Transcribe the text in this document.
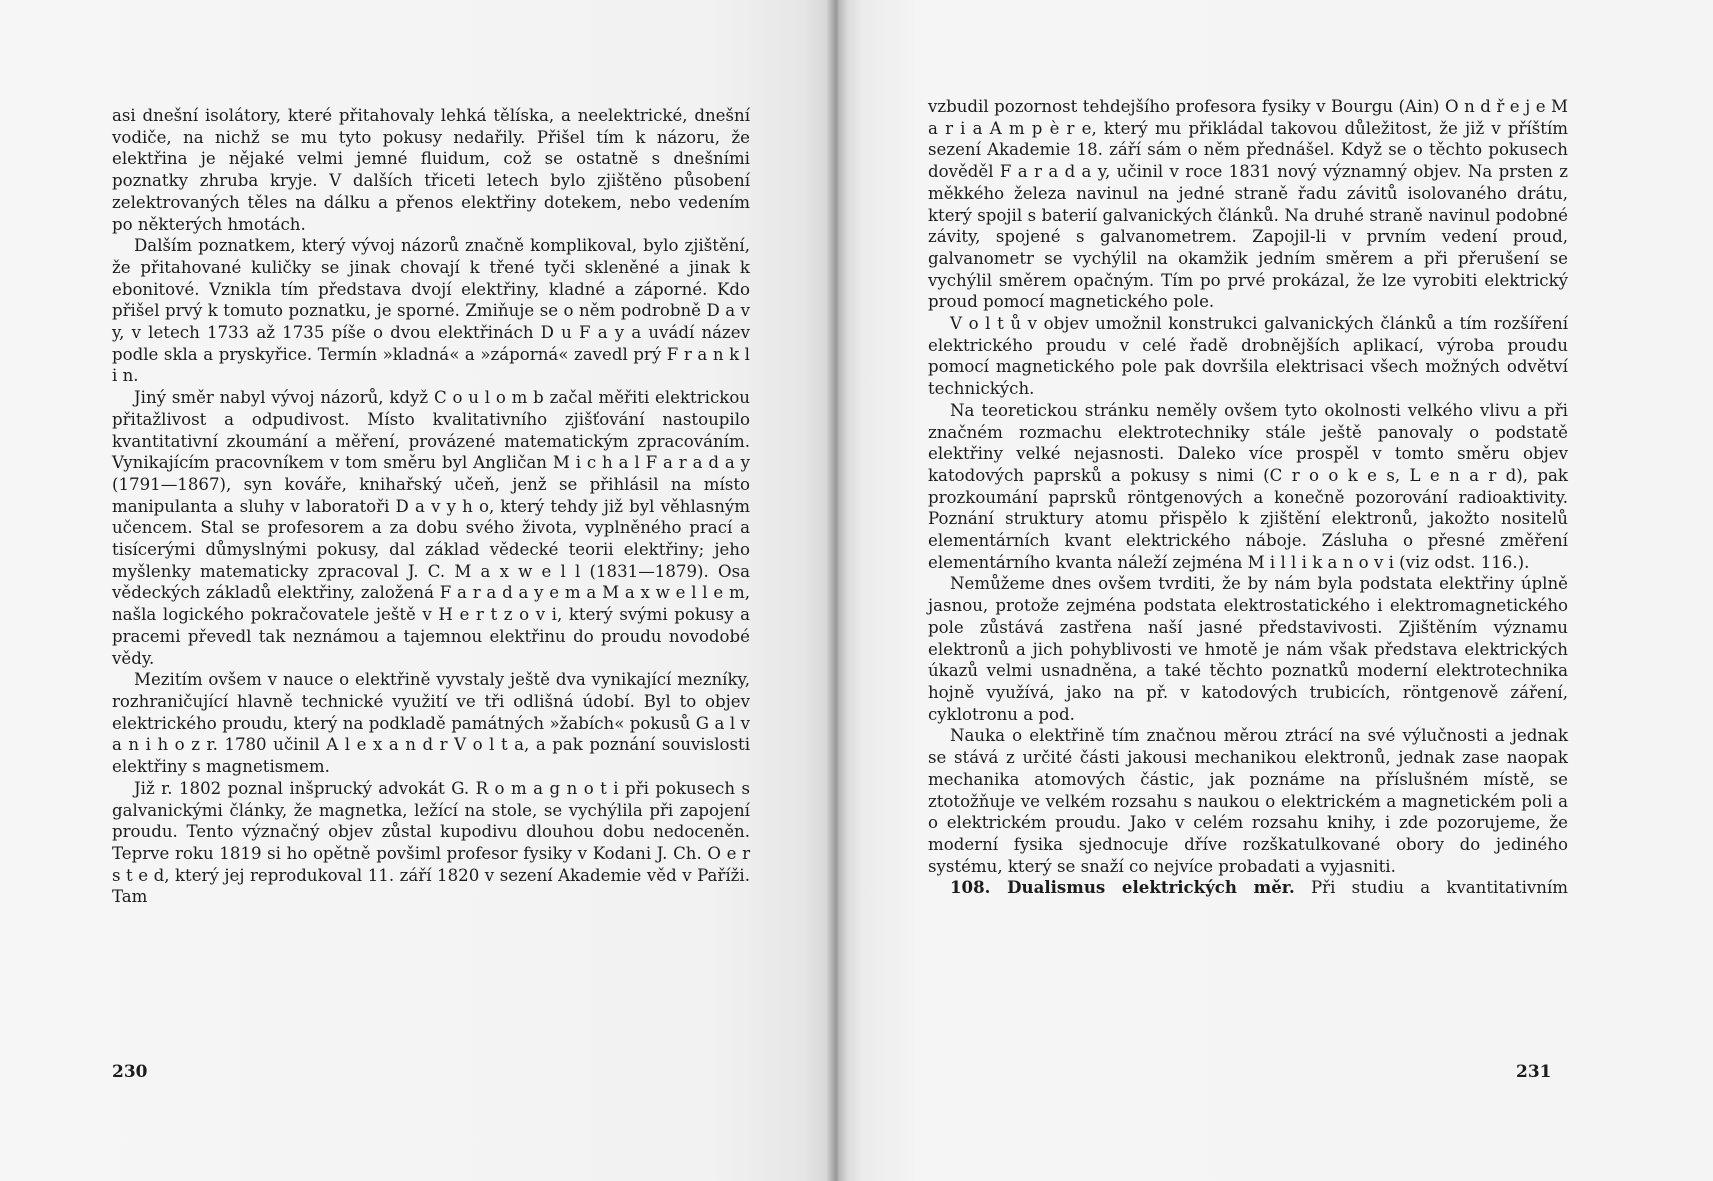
asi dnešní isolátory, které přitahovaly lehká tělíska, a neelektrické, dnešní vodiče, na nichž se mu tyto pokusy nedařily. Přišel tím k názoru, že elektřina je nějaké velmi jemné fluidum, což se ostatně s dnešními poznatky zhruba kryje. V dalších třiceti letech bylo zjištěno působení zelektrovaných těles na dálku a přenos elektřiny dotekem, nebo vedením po některých hmotách.

Dalším poznatkem, který vývoj názorů značně komplikoval, bylo zjištění, že přitahované kuličky se jinak chovají k třené tyči skleněné a jinak k ebonitové. Vznikla tím představa dvojí elektřiny, kladné a záporné. Kdo přišel prvý k tomuto poznatku, je sporné. Zmiňuje se o něm podrobně D a v y, v letech 1733 až 1735 píše o dvou elektřinách D u F a y a uvádí název podle skla a pryskyřice. Termín »kladná« a »záporná« zavedl prý F r a n k l i n.

Jiný směr nabyl vývoj názorů, když C o u l o m b začal měřiti elektrickou přitažlivost a odpudivost. Místo kvalitativního zjišťování nastoupilo kvantitativní zkoumání a měření, provázené matematickým zpracováním. Vynikajícím pracovníkem v tom směru byl Angličan M i c h a l F a r a d a y (1791—1867), syn kováře, knihařský učeň, jenž se přihlásil na místo manipulanta a sluhy v laboratoři D a v y h o, který tehdy již byl věhlasným učencem. Stal se profesorem a za dobu svého života, vyplněného prací a tisícerými důmyslnými pokusy, dal základ vědecké teorii elektřiny; jeho myšlenky matematicky zpracoval J. C. M a x w e l l (1831—1879). Osa vědeckých základů elektřiny, založená F a r a d a y e m a M a x w e l l e m, našla logického pokračovatele ještě v H e r t z o v i, který svými pokusy a pracemi převedl tak neznámou a tajemnou elektřinu do proudu novodobé vědy.

Mezitím ovšem v nauce o elektřině vyvstaly ještě dva vynikající mezníky, rozhraničující hlavně technické využití ve tři odlišná údobí. Byl to objev elektrického proudu, který na podkladě památných »žabích« pokusů G a l v a n i h o z r. 1780 učinil A l e x a n d r V o l t a, a pak poznání souvislosti elektřiny s magnetismem.

Již r. 1802 poznal inšprucký advokát G. R o m a g n o t i při pokusech s galvanickými články, že magnetka, ležící na stole, se vychýlila při zapojení proudu. Tento význačný objev zůstal kupodivu dlouhou dobu nedoceněn. Teprve roku 1819 si ho opětně povšiml profesor fysiky v Kodani J. Ch. O e r s t e d, který jej reprodukoval 11. září 1820 v sezení Akademie věd v Paříži. Tam

230

vzbudil pozornost tehdejšího profesora fysiky v Bourgu (Ain) O n d ř e j e M a r i a A m p è r e, který mu přikládal takovou důležitost, že již v příštím sezení Akademie 18. září sám o něm přednášel. Když se o těchto pokusech dověděl F a r a d a y, učinil v roce 1831 nový významný objev. Na prsten z měkkého železa navinul na jedné straně řadu závitů isolovaného drátu, který spojil s baterií galvanických článků. Na druhé straně navinul podobné závity, spojené s galvanometrem. Zapojil-li v prvním vedení proud, galvanometr se vychýlil na okamžik jedním směrem a při přerušení se vychýlil směrem opačným. Tím po prvé prokázal, že lze vyrobiti elektrický proud pomocí magnetického pole.

V o l t ů v objev umožnil konstrukci galvanických článků a tím rozšíření elektrického proudu v celé řadě drobnějších aplikací, výroba proudu pomocí magnetického pole pak dovršila elektrisaci všech možných odvětví technických.

Na teoretickou stránku neměly ovšem tyto okolnosti velkého vlivu a při značném rozmachu elektrotechniky stále ještě panovaly o podstatě elektřiny velké nejasnosti. Daleko více prospěl v tomto směru objev katodových paprsků a pokusy s nimi (C r o o k e s, L e n a r d), pak prozkoumání paprsků röntgenových a konečně pozorování radioaktivity. Poznání struktury atomu přispělo k zjištění elektronů, jakožto nositelů elementárních kvant elektrického náboje. Zásluha o přesné změření elementárního kvanta náleží zejména M i l l i k a n o v i (viz odst. 116.).

Nemůžeme dnes ovšem tvrditi, že by nám byla podstata elektřiny úplně jasnou, protože zejména podstata elektrostatického i elektromagnetického pole zůstává zastřena naší jasné představivosti. Zjištěním významu elektronů a jich pohyblivosti ve hmotě je nám však představa elektrických úkazů velmi usnadněna, a také těchto poznatků moderní elektrotechnika hojně využívá, jako na př. v katodových trubicích, röntgenově záření, cyklotronu a pod.

Nauka o elektřině tím značnou měrou ztrácí na své výlučnosti a jednak se stává z určité části jakousi mechanikou elektronů, jednak zase naopak mechanika atomových částic, jak poznáme na příslušném místě, se ztotožňuje ve velkém rozsahu s naukou o elektrickém a magnetickém poli a o elektrickém proudu. Jako v celém rozsahu knihy, i zde pozorujeme, že moderní fysika sjednocuje dříve rozškatulkované obory do jediného systému, který se snaží co nejvíce probadati a vyjasniti.

108. Dualismus elektrických měr. Při studiu a kvantitativním

231
